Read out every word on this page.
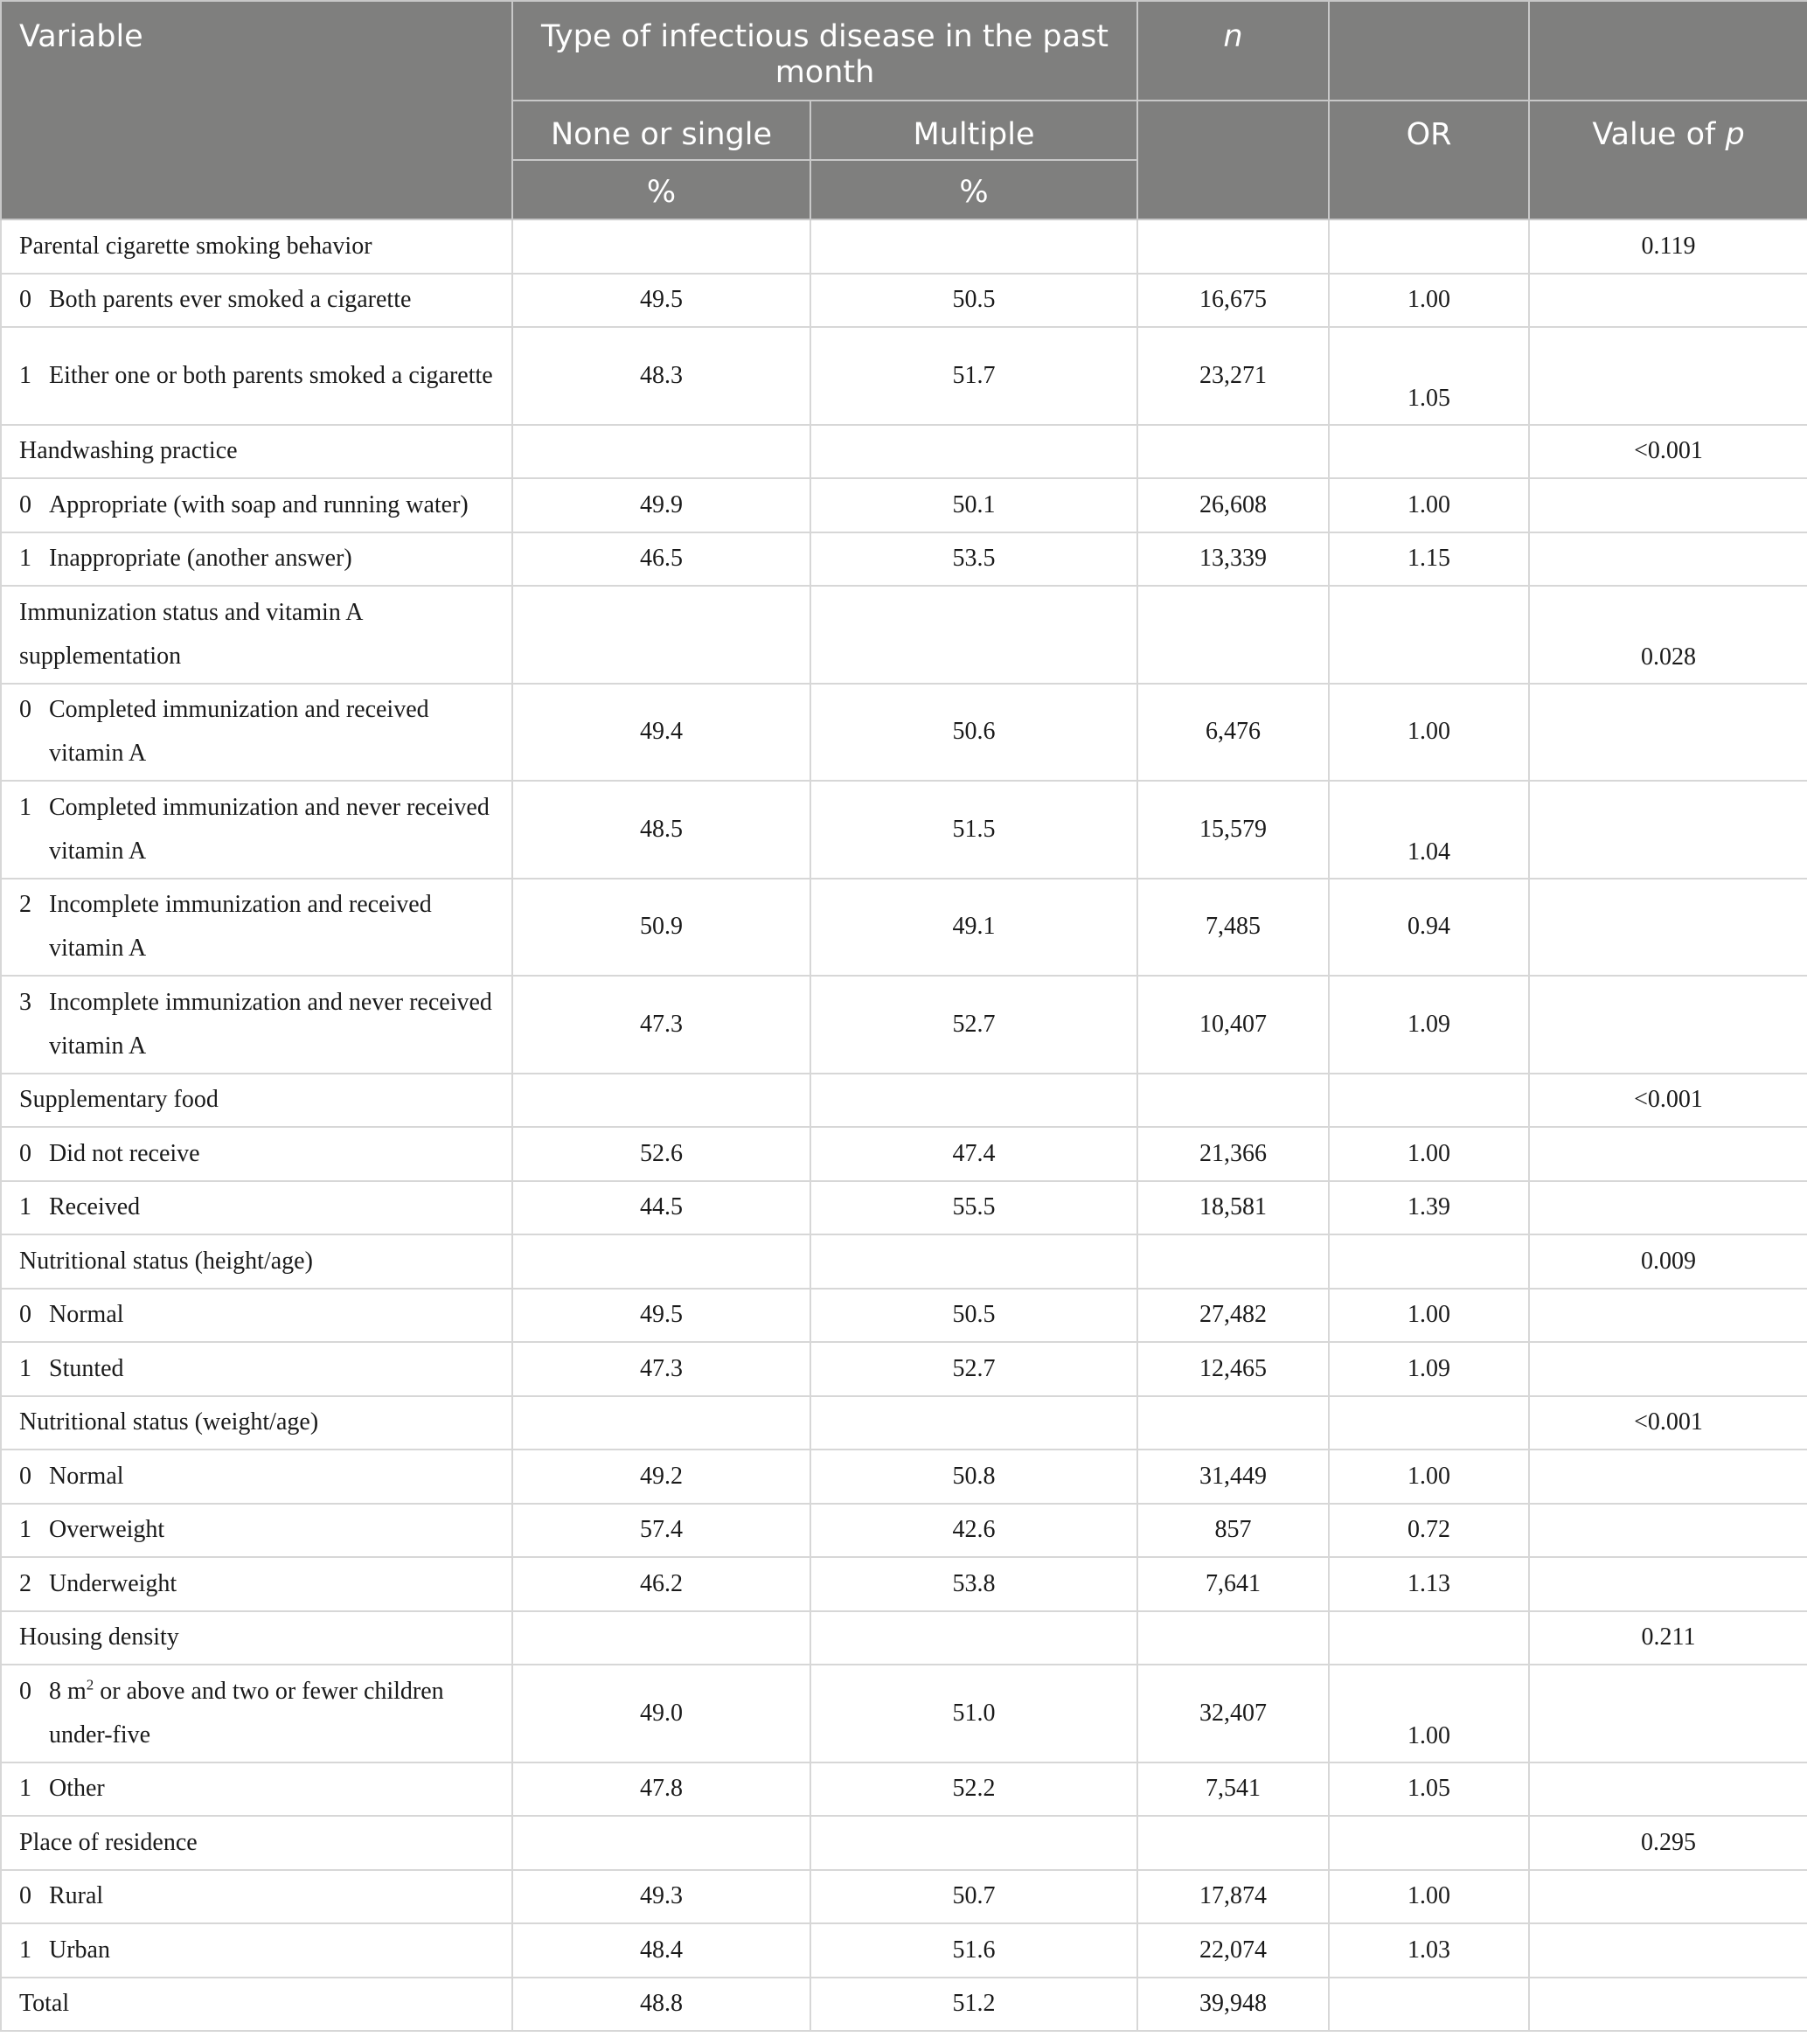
Variable	Type of infectious disease in the past month		n		
	None or single	Multiple		OR	Value of p
	%	%			
Parental cigarette smoking behavior					0.119
0 Both parents ever smoked a cigarette	49.5	50.5	16,675	1.00	
1 Either one or both parents smoked a cigarette	48.3	51.7	23,271	1.05	
Handwashing practice					<0.001
0 Appropriate (with soap and running water)	49.9	50.1	26,608	1.00	
1 Inappropriate (another answer)	46.5	53.5	13,339	1.15	
Immunization status and vitamin A supplementation					0.028
0 Completed immunization and received vitamin A	49.4	50.6	6,476	1.00	
1 Completed immunization and never received vitamin A	48.5	51.5	15,579	1.04	
2 Incomplete immunization and received vitamin A	50.9	49.1	7,485	0.94	
3 Incomplete immunization and never received vitamin A	47.3	52.7	10,407	1.09	
Supplementary food					<0.001
0 Did not receive	52.6	47.4	21,366	1.00	
1 Received	44.5	55.5	18,581	1.39	
Nutritional status (height/age)					0.009
0 Normal	49.5	50.5	27,482	1.00	
1 Stunted	47.3	52.7	12,465	1.09	
Nutritional status (weight/age)					<0.001
0 Normal	49.2	50.8	31,449	1.00	
1 Overweight	57.4	42.6	857	0.72	
2 Underweight	46.2	53.8	7,641	1.13	
Housing density					0.211
0 8 $m^2$ or above and two or fewer children under-five	49.0	51.0	32,407	1.00	
1 Other	47.8	52.2	7,541	1.05	
Place of residence					0.295
0 Rural	49.3	50.7	17,874	1.00	
1 Urban	48.4	51.6	22,074	1.03	
Total	48.8	51.2	39,948		
